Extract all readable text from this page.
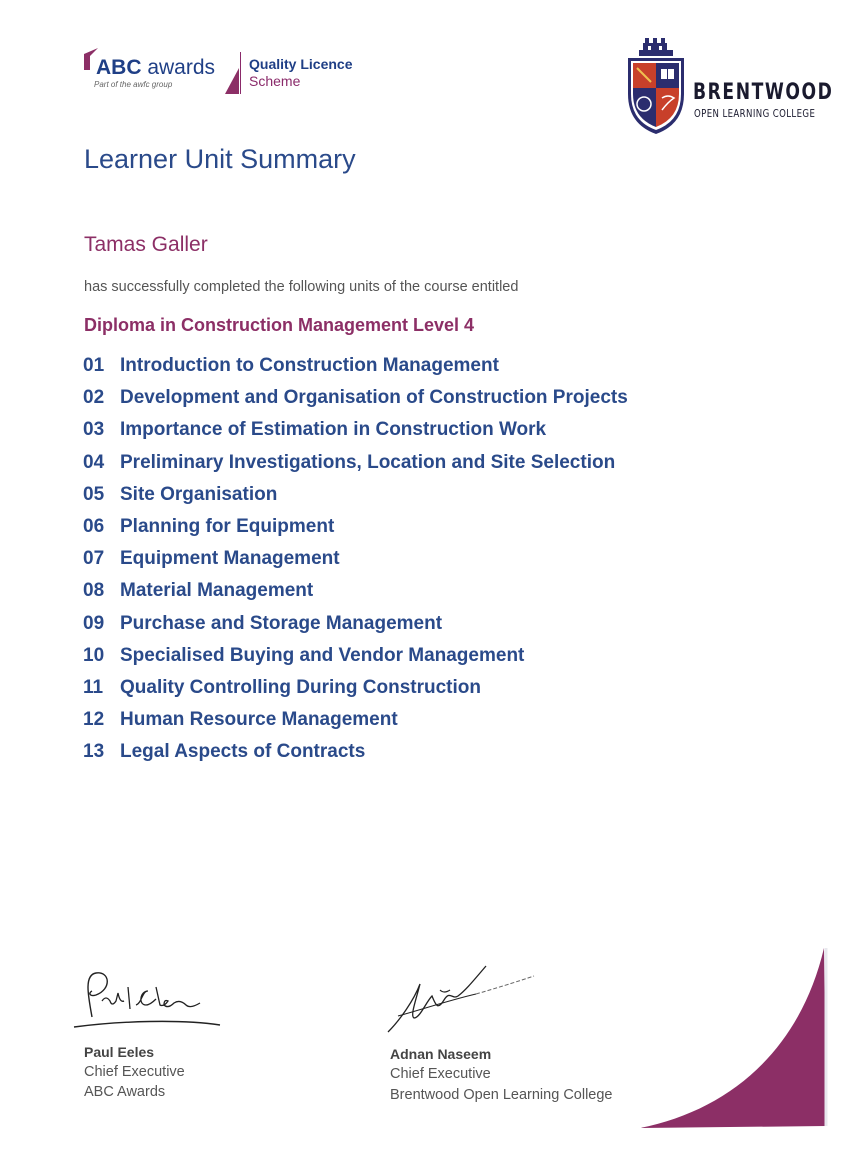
ABC awards
Part of the awfc group
Quality Licence
Scheme	BRENTWOOD
OPEN LEARNING COLLEGE
Learner Unit Summary
Tamas Galler
has successfully completed the following units of the course entitled
Diploma in Construction Management Level 4
01 Introduction to Construction Management
02 Development and Organisation of Construction Projects
03 Importance of Estimation in Construction Work
04 Preliminary Investigations, Location and Site Selection
05 Site Organisation
06 Planning for Equipment
07 Equipment Management
08 Material Management
09 Purchase and Storage Management
10 Specialised Buying and Vendor Management
11 Quality Controlling During Construction
12 Human Resource Management
13 Legal Aspects of Contracts
Paul Eeles
Chief Executive
ABC Awards
Adnan Naseem
Chief Executive
Brentwood Open Learning College
